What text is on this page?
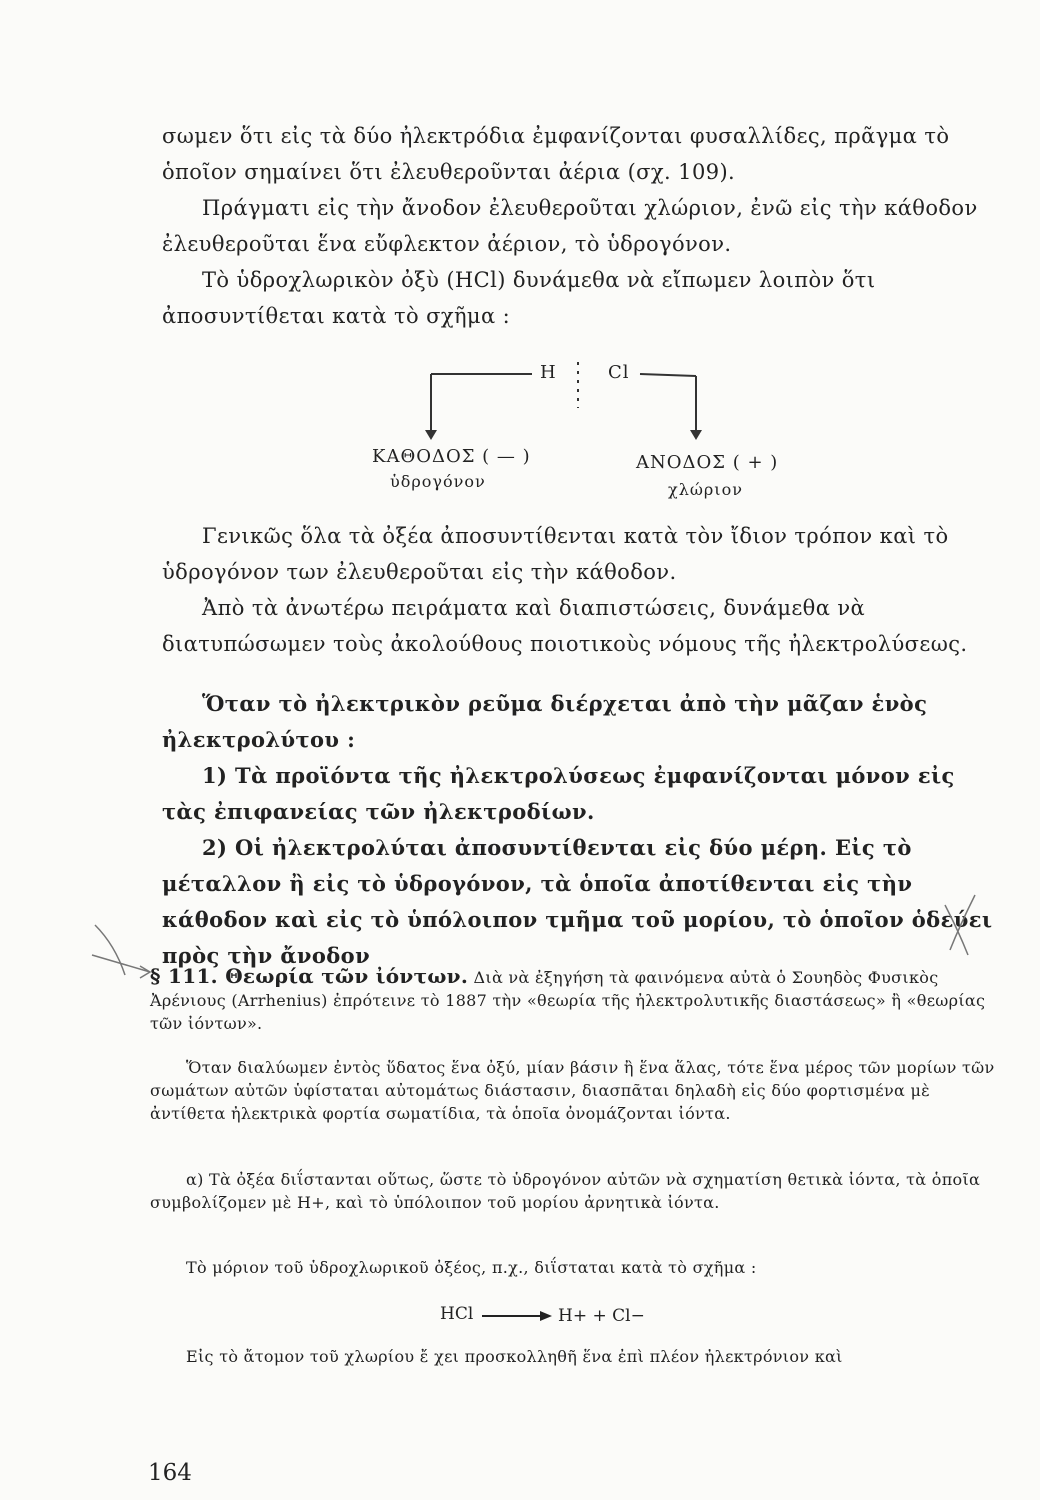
σωμεν ὅτι εἰς τὰ δύο ἠλεκτρόδια ἐμφανίζονται φυσαλλίδες, πρᾶγμα τὸ ὁποῖον σημαίνει ὅτι ἐλευθεροῦνται ἀέρια (σχ. 109).

Πράγματι εἰς τὴν ἄνοδον ἐλευθεροῦται χλώριον, ἐνῶ εἰς τὴν κάθοδον ἐλευθεροῦται ἕνα εὔφλεκτον ἀέριον, τὸ ὑδρογόνον.

Τὸ ὑδροχλωρικὸν ὀξὺ (HCl) δυνάμεθα νὰ εἴπωμεν λοιπὸν ὅτι ἀποσυντίθεται κατὰ τὸ σχῆμα :

H	Cl
ΚΑΘΟΔΟΣ ( — )
ὑδρογόνον
ΑΝΟΔΟΣ ( + )
χλώριον

Γενικῶς ὅλα τὰ ὀξέα ἀποσυντίθενται κατὰ τὸν ἴδιον τρόπον καὶ τὸ ὑδρογόνον των ἐλευθεροῦται εἰς τὴν κάθοδον.

Ἀπὸ τὰ ἀνωτέρω πειράματα καὶ διαπιστώσεις, δυνάμεθα νὰ διατυπώσωμεν τοὺς ἀκολούθους ποιοτικοὺς νόμους τῆς ἠλεκτρολύσεως.

Ὅταν τὸ ἠλεκτρικὸν ρεῦμα διέρχεται ἀπὸ τὴν μᾶζαν ἑνὸς ἠλεκτρολύτου :

1) Τὰ προϊόντα τῆς ἠλεκτρολύσεως ἐμφανίζονται μόνον εἰς τὰς ἐπιφανείας τῶν ἠλεκτροδίων.

2) Οἱ ἠλεκτρολύται ἀποσυντίθενται εἰς δύο μέρη. Εἰς τὸ μέταλλον ἢ εἰς τὸ ὑδρογόνον, τὰ ὁποῖα ἀποτίθενται εἰς τὴν κάθοδον καὶ εἰς τὸ ὑπόλοιπον τμῆμα τοῦ μορίου, τὸ ὁποῖον ὁδεύει πρὸς τὴν ἄνοδον

§ 111. Θεωρία τῶν ἰόντων. Διὰ νὰ ἐξηγήση τὰ φαινόμενα αὐτὰ ὁ Σουηδὸς Φυσικὸς Ἀρένιους (Arrhenius) ἐπρότεινε τὸ 1887 τὴν «θεωρία τῆς ἠλεκτρολυτικῆς διαστάσεως» ἢ «θεωρίας τῶν ἰόντων».

Ὅταν διαλύωμεν ἐντὸς ὕδατος ἕνα ὀξύ, μίαν βάσιν ἢ ἕνα ἅλας, τότε ἕνα μέρος τῶν μορίων τῶν σωμάτων αὐτῶν ὑφίσταται αὐτομάτως διάστασιν, διασπᾶται δηλαδὴ εἰς δύο φορτισμένα μὲ ἀντίθετα ἠλεκτρικὰ φορτία σωματίδια, τὰ ὁποῖα ὀνομάζονται ἰόντα.

α) Τὰ ὀξέα διΐστανται οὕτως, ὥστε τὸ ὑδρογόνον αὐτῶν νὰ σχηματίση θετικὰ ἰόντα, τὰ ὁποῖα συμβολίζομεν μὲ H+, καὶ τὸ ὑπόλοιπον τοῦ μορίου ἀρνητικὰ ἰόντα.

Τὸ μόριον τοῦ ὑδροχλωρικοῦ ὀξέος, π.χ., διΐσταται κατὰ τὸ σχῆμα :

HCl	H+ + Cl−

Εἰς τὸ ἄτομον τοῦ χλωρίου ἔ χει προσκολληθῆ ἕνα ἐπὶ πλέον ἠλεκτρόνιον καὶ

164
